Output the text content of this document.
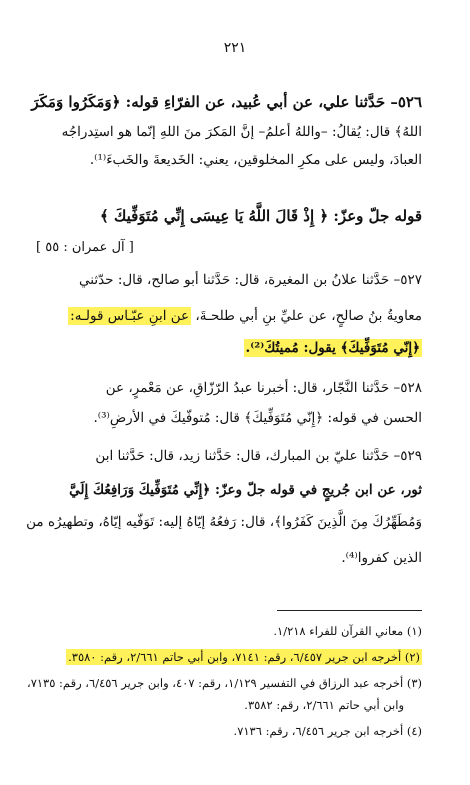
٢٢١
٥٢٦– حَدَّثنا علي، عن أبي عُبيد، عن الفرّاءِ قوله: ﴿وَمَكَرُوا وَمَكَرَ
اللهُ﴾ قال: يُقالُ: –واللهُ أعلمُ– إنَّ المَكرَ منَ اللهِ إنّما هو استِدراجُه
العبادَ، وليس على مكرِ المخلوقين، يعني: الخَديعةَ والخَبءَ⁽¹⁾.
قوله جلّ وعزّ: ﴿ إِذْ قَالَ اللَّهُ يَا عِيسَى إِنِّي مُتَوَفِّيكَ ﴾
[ آل عمران : ٥٥ ]
٥٢٧– حَدَّثنا علانُ بن المغيرة، قال: حَدَّثنا أبو صالح، قال: حدّثني
معاويةُ بنُ صالحٍ، عن عليِّ بنِ أبي طلحـةَ، عن ابنِ عبّـاس قولـه:
﴿إِنّي مُتَوَفِّيكَ﴾ يقول: مُميتُكَ⁽²⁾.
٥٢٨– حَدَّثنا النَّجّار، قال: أخبرنا عبدُ الرّزّاقِ، عن مَعْمرٍ، عن
الحسن في قوله: ﴿إِنّي مُتَوَفِّيكَ﴾ قال: مُتوفّيكَ في الأرضِ⁽³⁾.
٥٢٩– حَدَّثنا عليّ بن المبارك، قال: حَدَّثنا زيد، قال: حَدَّثنا ابن
ثور، عن ابن جُريجٍ في قوله جلّ وعزّ: ﴿إِنِّي مُتَوَفِّيكَ وَرَافِعُكَ إِلَيَّ
وَمُطَهِّرُكَ مِنَ الَّذِينَ كَفَرُوا﴾، قال: رَفعُهُ إيّاهُ إليه: تَوَفّيه إيّاهُ، وتطهيرُه من
الذين كفروا⁽⁴⁾.
(١) معاني القرآن للفراء ١/٢١٨.
(٢) أخرجه ابن جرير ٦/٤٥٧، رقم: ٧١٤١، وابن أبي حاتم ٢/٦٦١، رقم: ٣٥٨٠.
(٣) أخرجه عبد الرزاق في التفسير ١/١٢٩، رقم: ٤٠٧، وابن جرير ٦/٤٥٦، رقم: ٧١٣٥،
وابن أبي حاتم ٢/٦٦١، رقم: ٣٥٨٢.
(٤) أخرجه ابن جرير ٦/٤٥٦، رقم: ٧١٣٦.
